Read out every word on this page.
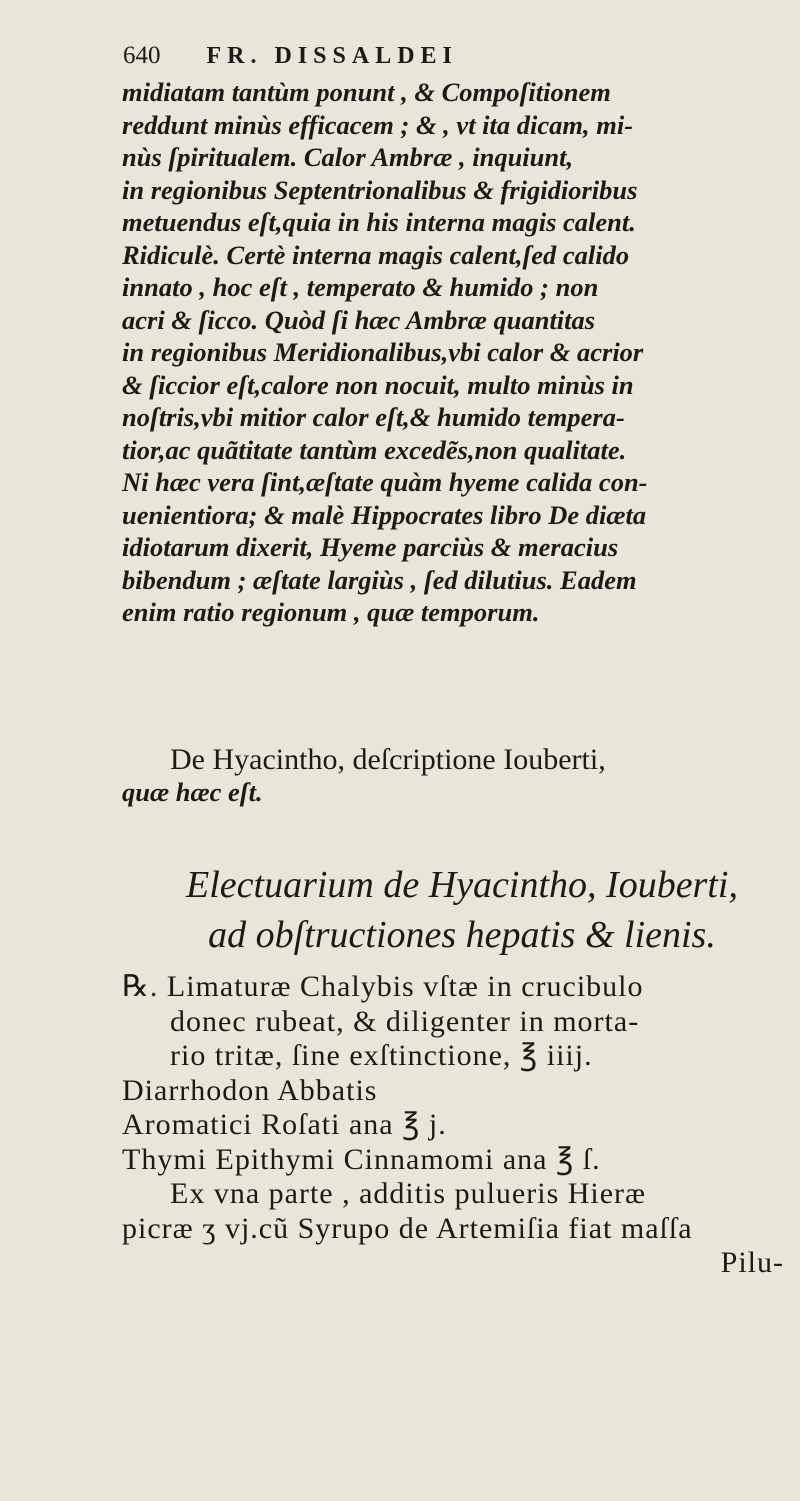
640 FR. DISSALDEI
midiatam tantùm ponunt , & Compoſitionem
reddunt minùs efficacem ; & , vt ita dicam, mi-
nùs ſpiritualem. Calor Ambræ , inquiunt,
in regionibus Septentrionalibus & frigidioribus
metuendus eſt,quia in his interna magis calent.
Ridiculè. Certè interna magis calent,ſed calido
innato , hoc eſt , temperato & humido ; non
acri & ſicco. Quòd ſi hæc Ambræ quantitas
in regionibus Meridionalibus,vbi calor & acrior
& ſiccior eſt,calore non nocuit, multo minùs in
noſtris,vbi mitior calor eſt,& humido tempera-
tior,ac quãtitate tantùm excedẽs,non qualitate.
Ni hæc vera ſint,æſtate quàm hyeme calida con-
uenientiora; & malè Hippocrates libro De diæta
idiotarum dixerit, Hyeme parciùs & meracius
bibendum ; æſtate largiùs , ſed dilutius. Eadem
enim ratio regionum , quæ temporum.
De Hyacintho, deſcriptione Iouberti,
quæ hæc eſt.
Electuarium de Hyacintho, Iouberti,
ad obſtructiones hepatis & lienis.
℞. Limaturæ Chalybis vſtæ in crucibulo
donec rubeat, & diligenter in morta-
rio tritæ, ſine exſtinctione, ℥ iiij.
Diarrhodon Abbatis
Aromatici Roſati ana ℥ j.
Thymi Epithymi Cinnamomi ana ℥ ſ.
Ex vna parte , additis pulueris Hieræ
picræ ʒ vj.cũ Syrupo de Artemiſia fiat maſſa
Pilu-
